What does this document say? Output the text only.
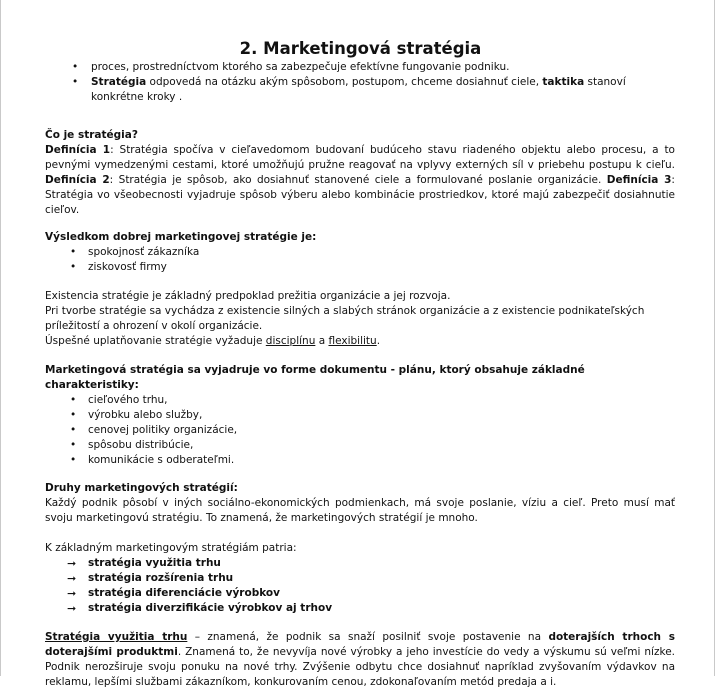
2. Marketingová stratégia
• proces, prostredníctvom ktorého sa zabezpečuje efektívne fungovanie podniku.
• Stratégia odpovedá na otázku akým spôsobom, postupom, chceme dosiahnuť ciele, taktika stanoví konkrétne kroky .

Čo je stratégia?

Definícia 1: Stratégia spočíva v cieľavedomom budovaní budúceho stavu riadeného objektu alebo procesu, a to pevnými vymedzenými cestami, ktoré umožňujú pružne reagovať na vplyvy externých síl v priebehu postupu k cieľu. Definícia 2: Stratégia je spôsob, ako dosiahnuť stanovené ciele a formulované poslanie organizácie. Definícia 3: Stratégia vo všeobecnosti vyjadruje spôsob výberu alebo kombinácie prostriedkov, ktoré majú zabezpečiť dosiahnutie cieľov.

Výsledkom dobrej marketingovej stratégie je:

• spokojnosť zákazníka
• ziskovosť firmy

Existencia stratégie je základný predpoklad prežitia organizácie a jej rozvoja.

Pri tvorbe stratégie sa vychádza z existencie silných a slabých stránok organizácie a z existencie podnikateľských príležitostí a ohrození v okolí organizácie.

Úspešné uplatňovanie stratégie vyžaduje disciplínu a flexibilitu.

Marketingová stratégia sa vyjadruje vo forme dokumentu - plánu, ktorý obsahuje základné charakteristiky:

• cieľového trhu,
• výrobku alebo služby,
• cenovej politiky organizácie,
• spôsobu distribúcie,
• komunikácie s odberateľmi.

Druhy marketingových stratégií:

Každý podnik pôsobí v iných sociálno-ekonomických podmienkach, má svoje poslanie, víziu a cieľ. Preto musí mať svoju marketingovú stratégiu. To znamená, že marketingových stratégií je mnoho.

K základným marketingovým stratégiám patria:

➞ stratégia využitia trhu
➞ stratégia rozšírenia trhu
➞ stratégia diferenciácie výrobkov
➞ stratégia diverzifikácie výrobkov aj trhov

Stratégia využitia trhu – znamená, že podnik sa snaží posilniť svoje postavenie na doterajších trhoch s doterajšími produktmi. Znamená to, že nevyvíja nové výrobky a jeho investície do vedy a výskumu sú veľmi nízke. Podnik nerozširuje svoju ponuku na nové trhy. Zvýšenie odbytu chce dosiahnuť napríklad zvyšovaním výdavkov na reklamu, lepšími službami zákazníkom, konkurovaním cenou, zdokonaľovaním metód predaja a i.
